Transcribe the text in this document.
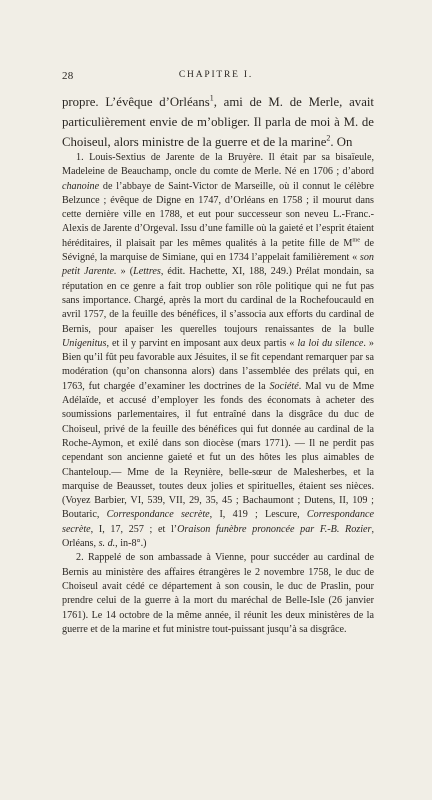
28	CHAPITRE I.

propre. L’évêque d’Orléans$^1$, ami de M. de Merle, avait particulièrement envie de m’obliger. Il parla de moi à M. de Choiseul, alors ministre de la guerre et de la marine$^2$. On

1. Louis-Sextius de Jarente de la Bruyère. Il était par sa bisaïeule, Madeleine de Beauchamp, oncle du comte de Merle. Né en 1706 ; d’abord chanoine de l’abbaye de Saint-Victor de Marseille, où il connut le célèbre Belzunce ; évêque de Digne en 1747, d’Orléans en 1758 ; il mourut dans cette dernière ville en 1788, et eut pour successeur son neveu L.-Franc.-Alexis de Jarente d’Orgeval. Issu d’une famille où la gaieté et l’esprit étaient héréditaires, il plaisait par les mêmes qualités à la petite fille de $M^{me}$ de Sévigné, la marquise de Simiane, qui en 1734 l’appelait familièrement « son petit Jarente. » (Lettres, édit. Hachette, XI, 188, 249.) Prélat mondain, sa réputation en ce genre a fait trop oublier son rôle politique qui ne fut pas sans importance. Chargé, après la mort du cardinal de la Rochefoucauld en avril 1757, de la feuille des bénéfices, il s’associa aux efforts du cardinal de Bernis, pour apaiser les querelles toujours renaissantes de la bulle Unigenitus, et il y parvint en imposant aux deux partis « la loi du silence. » Bien qu’il fût peu favorable aux Jésuites, il se fit cependant remarquer par sa modération (qu’on chansonna alors) dans l’assemblée des prélats qui, en 1763, fut chargée d’examiner les doctrines de la Société. Mal vu de Mme Adélaïde, et accusé d’employer les fonds des économats à acheter des soumissions parlementaires, il fut entraîné dans la disgrâce du duc de Choiseul, privé de la feuille des bénéfices qui fut donnée au cardinal de la Roche-Aymon, et exilé dans son diocèse (mars 1771). — Il ne perdit pas cependant son ancienne gaieté et fut un des hôtes les plus aimables de Chanteloup.— Mme de la Reynière, belle-sœur de Malesherbes, et la marquise de Beausset, toutes deux jolies et spirituelles, étaient ses nièces. (Voyez Barbier, VI, 539, VII, 29, 35, 45 ; Bachaumont ; Dutens, II, 109 ; Boutaric, Correspondance secrète, I, 419 ; Lescure, Correspondance secrète, I, 17, 257 ; et l’Oraison funèbre prononcée par F.-B. Rozier, Orléans, s. d., in-8°.)

2. Rappelé de son ambassade à Vienne, pour succéder au cardinal de Bernis au ministère des affaires étrangères le 2 novembre 1758, le duc de Choiseul avait cédé ce département à son cousin, le duc de Praslin, pour prendre celui de la guerre à la mort du maréchal de Belle-Isle (26 janvier 1761). Le 14 octobre de la même année, il réunit les deux ministères de la guerre et de la marine et fut ministre tout-puissant jusqu’à sa disgrâce.
